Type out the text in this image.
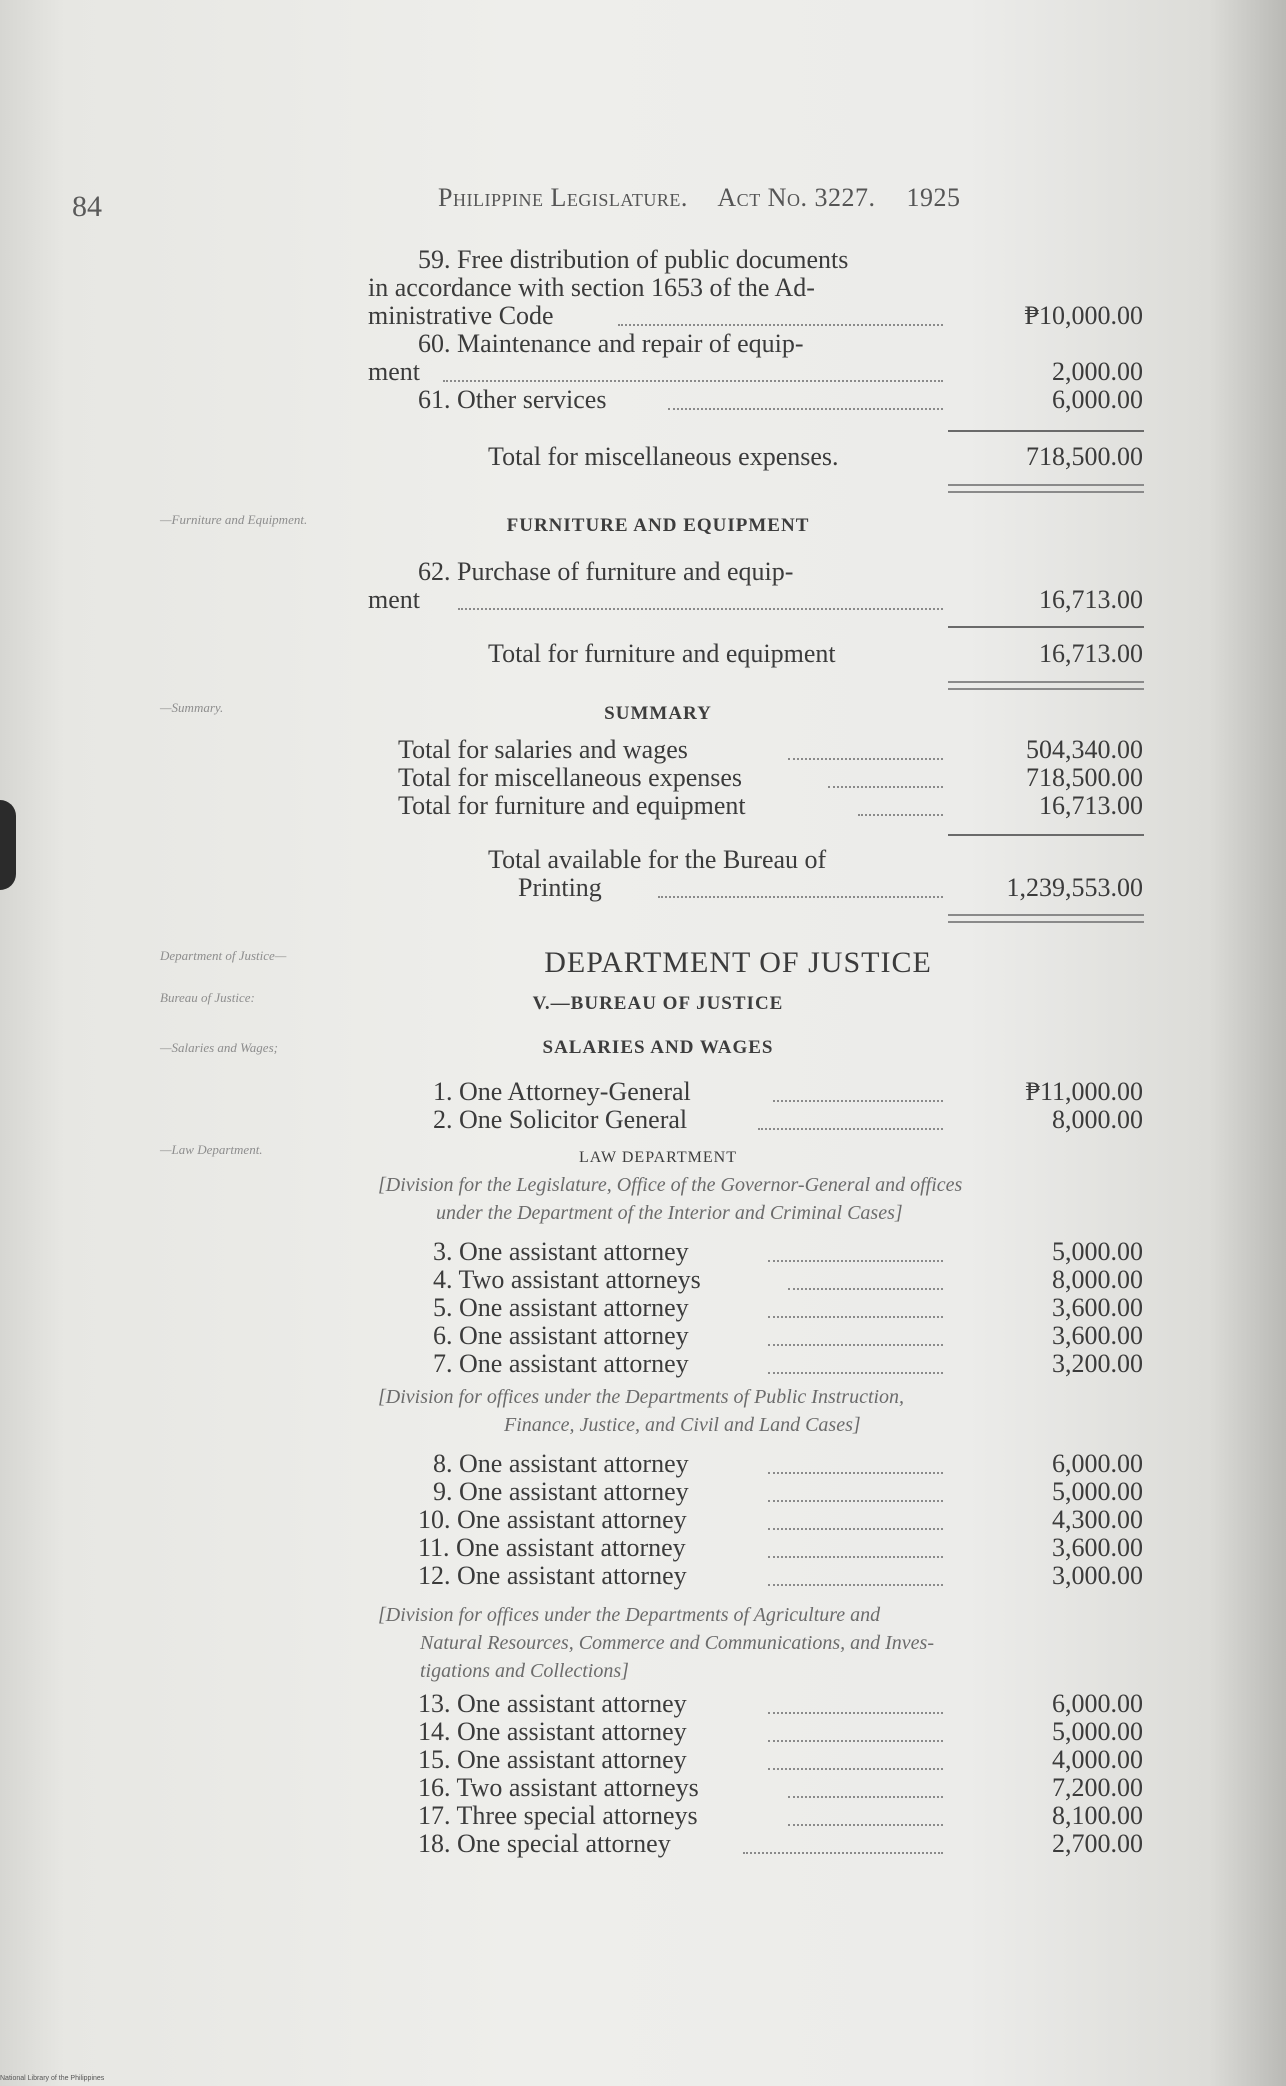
84	Philippine Legislature. Act No. 3227. 1925
59. Free distribution of public documents
in accordance with section 1653 of the Ad-
ministrative Code	₱10,000.00
60. Maintenance and repair of equip-
ment	2,000.00
61. Other services	6,000.00
Total for miscellaneous expenses.	718,500.00
—Furniture and Equipment.	FURNITURE AND EQUIPMENT
62. Purchase of furniture and equip-
ment	16,713.00
Total for furniture and equipment	16,713.00
—Summary.	SUMMARY
Total for salaries and wages	504,340.00
Total for miscellaneous expenses	718,500.00
Total for furniture and equipment	16,713.00
Total available for the Bureau of
Printing	1,239,553.00
Department of Justice—
Bureau of Justice:
—Salaries and Wages;
DEPARTMENT OF JUSTICE
V.—BUREAU OF JUSTICE
SALARIES AND WAGES
1. One Attorney-General	₱11,000.00
2. One Solicitor General	8,000.00
—Law Department.	LAW DEPARTMENT
[Division for the Legislature, Office of the Governor-General and offices
under the Department of the Interior and Criminal Cases]
3. One assistant attorney	5,000.00
4. Two assistant attorneys	8,000.00
5. One assistant attorney	3,600.00
6. One assistant attorney	3,600.00
7. One assistant attorney	3,200.00
[Division for offices under the Departments of Public Instruction,
Finance, Justice, and Civil and Land Cases]
8. One assistant attorney	6,000.00
9. One assistant attorney	5,000.00
10. One assistant attorney	4,300.00
11. One assistant attorney	3,600.00
12. One assistant attorney	3,000.00
[Division for offices under the Departments of Agriculture and
Natural Resources, Commerce and Communications, and Inves-
tigations and Collections]
13. One assistant attorney	6,000.00
14. One assistant attorney	5,000.00
15. One assistant attorney	4,000.00
16. Two assistant attorneys	7,200.00
17. Three special attorneys	8,100.00
18. One special attorney	2,700.00
National Library of the Philippines
